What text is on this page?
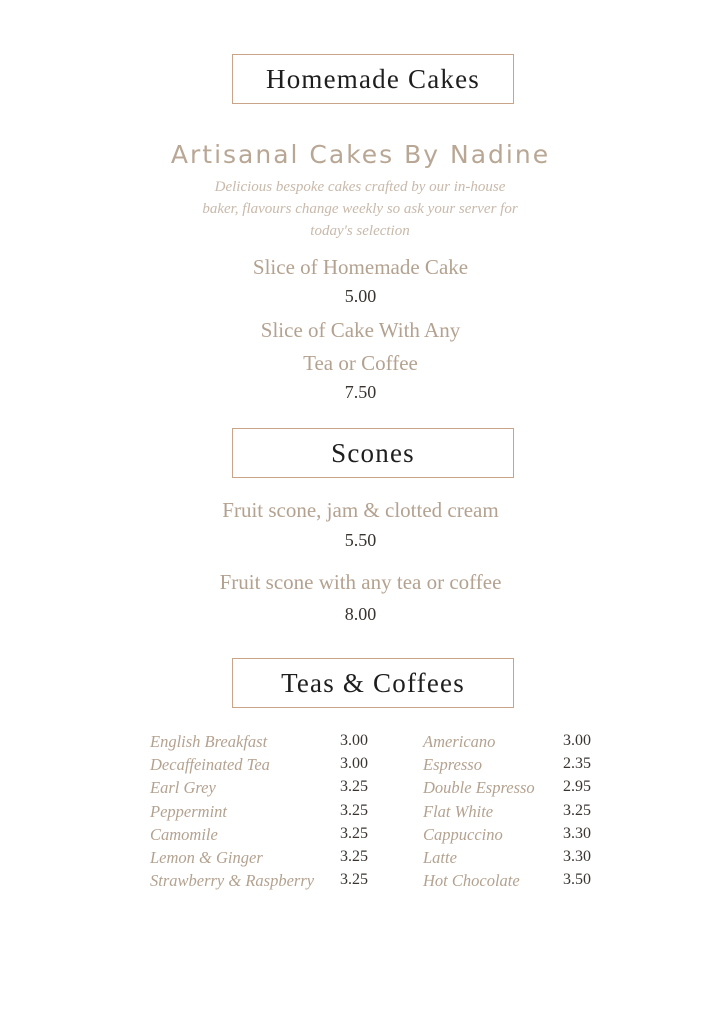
Homemade Cakes
Artisanal Cakes By Nadine
Delicious bespoke cakes crafted by our in-house
baker, flavours change weekly so ask your server for
today's selection
Slice of Homemade Cake
5.00
Slice of Cake With Any
Tea or Coffee
7.50
Scones
Fruit scone, jam & clotted cream
5.50
Fruit scone with any tea or coffee
8.00
Teas & Coffees
English Breakfast	3.00
Decaffeinated Tea	3.00
Earl Grey	3.25
Peppermint	3.25
Camomile	3.25
Lemon & Ginger	3.25
Strawberry & Raspberry 3.25
Americano	3.00
Espresso	2.35
Double Espresso 2.95
Flat White	3.25
Cappuccino	3.30
Latte	3.30
Hot Chocolate	3.50
